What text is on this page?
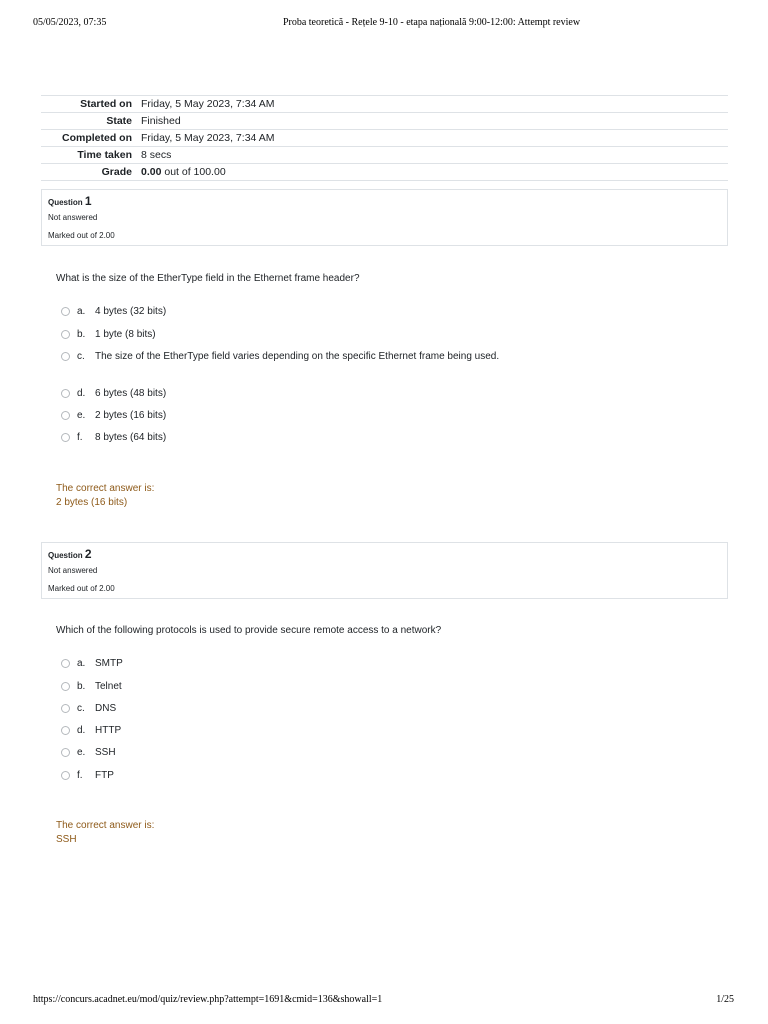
05/05/2023, 07:35	Proba teoretică - Rețele 9-10 - etapa națională 9:00-12:00: Attempt review
Started on Friday, 5 May 2023, 7:34 AM
State Finished
Completed on Friday, 5 May 2023, 7:34 AM
Time taken 8 secs
Grade 0.00 out of 100.00
Question 1
Not answered
Marked out of 2.00
What is the size of the EtherType field in the Ethernet frame header?
a. 4 bytes (32 bits)
b. 1 byte (8 bits)
c.	The size of the EtherType field varies depending on the specific Ethernet frame being used.
d. 6 bytes (48 bits)
e. 2 bytes (16 bits)
f.	8 bytes (64 bits)
The correct answer is:
2 bytes (16 bits)
Question 2
Not answered
Marked out of 2.00
Which of the following protocols is used to provide secure remote access to a network?
a. SMTP
b. Telnet
c.	DNS
d. HTTP
e. SSH
f.	FTP
The correct answer is:
SSH
https://concurs.acadnet.eu/mod/quiz/review.php?attempt=1691&cmid=136&showall=1	1/25
